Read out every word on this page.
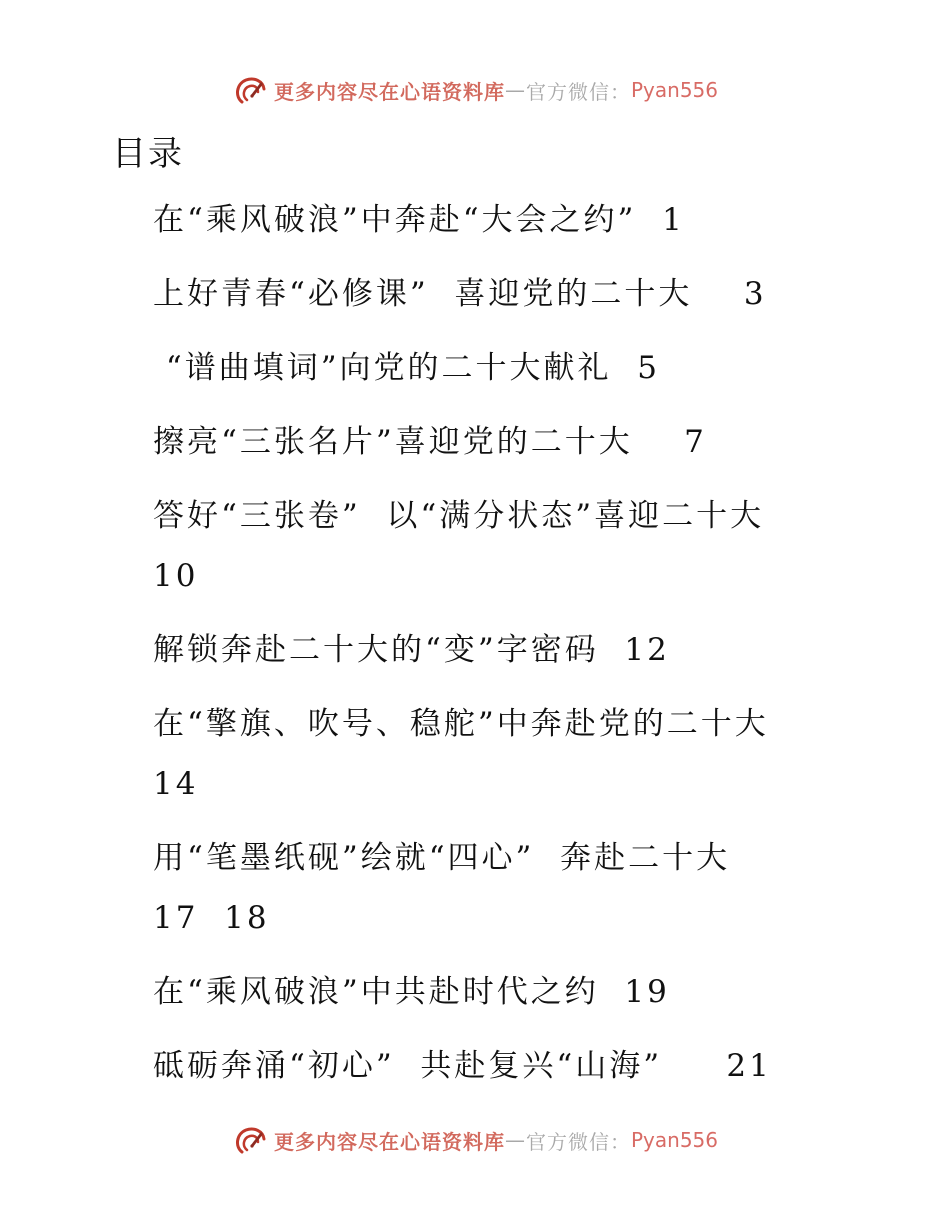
更多内容尽在心语资料库 — 官方微信： Pyan556
目录
在“乘风破浪”中奔赴“大会之约”  1
上好青春“必修课”  喜迎党的二十大    3
“谱曲填词”向党的二十大献礼  5
擦亮“三张名片”喜迎党的二十大    7
答好“三张卷”  以“满分状态”喜迎二十大
10
解锁奔赴二十大的“变”字密码  12
在“擎旗、吹号、稳舵”中奔赴党的二十大
14
用“笔墨纸砚”绘就“四心”  奔赴二十大
17  18
在“乘风破浪”中共赴时代之约  19
砥砺奔涌“初心”  共赴复兴“山海”     21
更多内容尽在心语资料库 — 官方微信： Pyan556
